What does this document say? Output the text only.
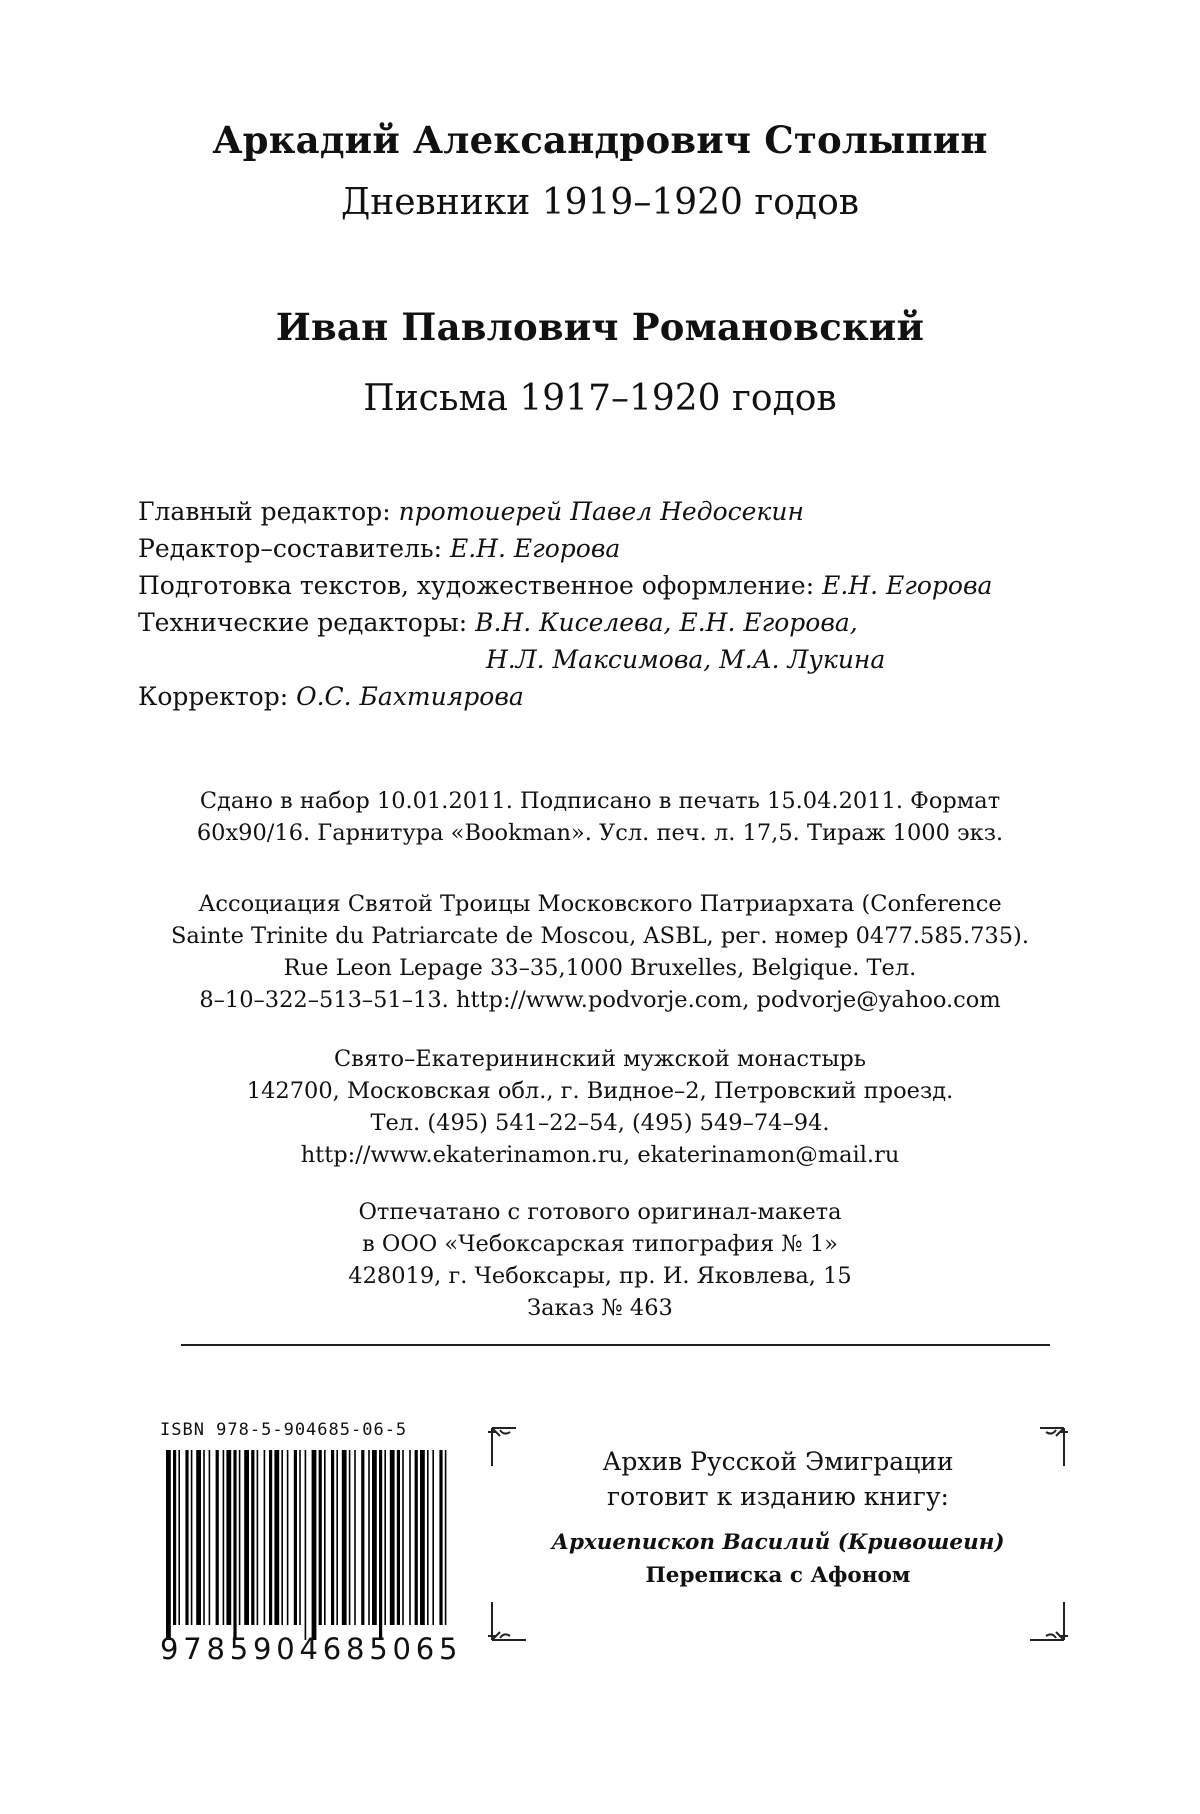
Аркадий Александрович Столыпин
Дневники 1919–1920 годов
Иван Павлович Романовский
Письма 1917–1920 годов
Главный редактор: протоиерей Павел Недосекин
Редактор–составитель: Е.Н. Егорова
Подготовка текстов, художественное оформление: Е.Н. Егорова
Технические редакторы: В.Н. Киселева, Е.Н. Егорова,
Н.Л. Максимова, М.А. Лукина
Корректор: О.С. Бахтиярова

Сдано в набор 10.01.2011. Подписано в печать 15.04.2011. Формат

60x90/16. Гарнитура «Bookman». Усл. печ. л. 17,5. Тираж 1000 экз.

Ассоциация Святой Троицы Московского Патриархата (Conference

Sainte Trinite du Patriarcate de Moscou, ASBL, рег. номер 0477.585.735).

Rue Leon Lepage 33–35,1000 Bruxelles, Belgique. Тел.

8–10–322–513–51–13. http://www.podvorje.com, podvorje@yahoo.com

Свято–Екатерининский мужской монастырь

142700, Московская обл., г. Видное–2, Петровский проезд.

Тел. (495) 541–22–54, (495) 549–74–94.

http://www.ekaterinamon.ru, ekaterinamon@mail.ru

Отпечатано с готового оригинал-макета

в ООО «Чебоксарская типография № 1»

428019, г. Чебоксары, пр. И. Яковлева, 15

Заказ № 463

ISBN 978-5-904685-06-5
9785904685065

Архив Русской Эмиграции

готовит к изданию книгу:

Архиепископ Василий (Кривошеин)

Переписка с Афоном
